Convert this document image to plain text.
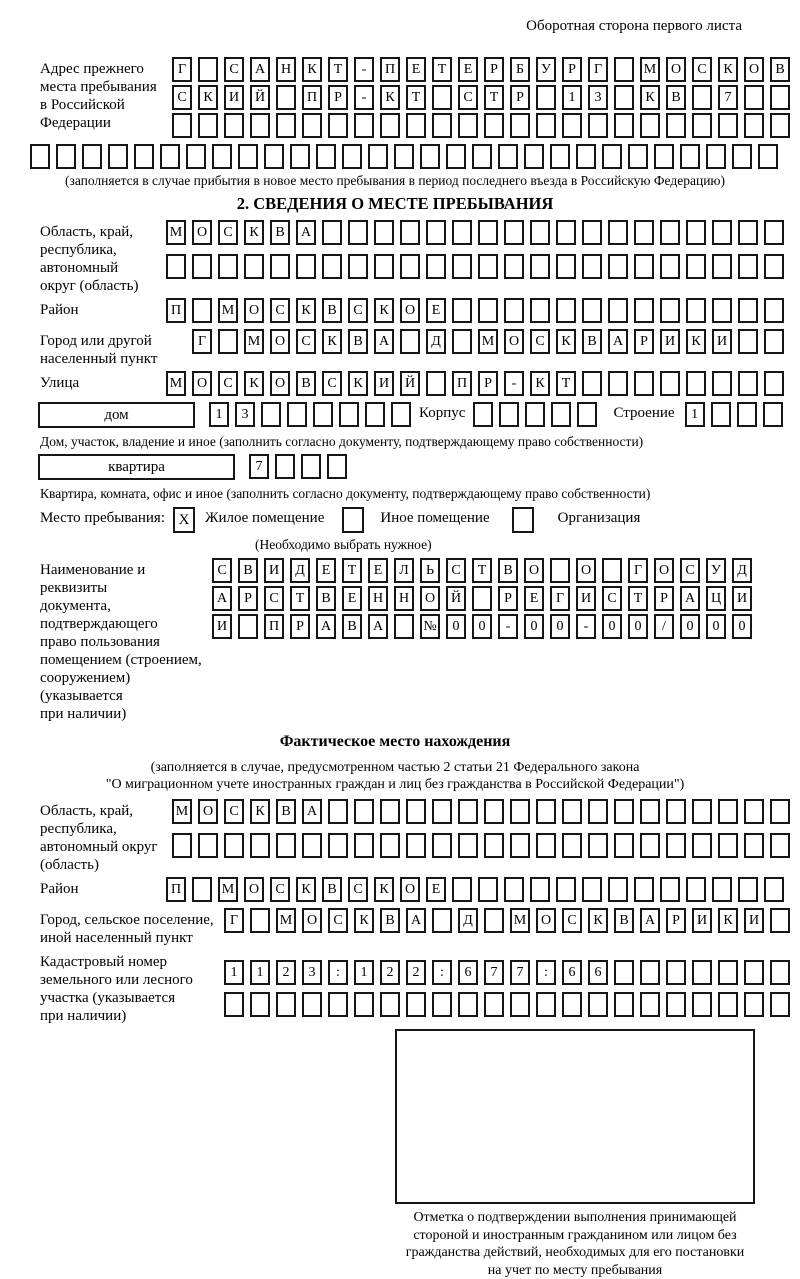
Оборотная сторона первого листа
Адрес прежнего
места пребывания
в Российской
Федерации
Г	С	А	Н	К	Т	-	П	Е	Т	Е	Р	Б	У	Р	Г	М	О	С	К	О	В
С	К	И	Й	П	Р	-	К	Т	С	Т	Р	1	3	К	В	7
(заполняется в случае прибытия в новое место пребывания в период последнего въезда в Российскую Федерацию)
2. СВЕДЕНИЯ О МЕСТЕ ПРЕБЫВАНИЯ
Область, край,
республика,
автономный
округ (область)
М	О	С	К	В	А
Район	П	М	О	С	К	В	С	К	О	Е
Город или другой
населенный пункт
Г	М	О	С	К	В	А	Д	М	О	С	К	В	А	Р	И	К	И
Улица	М	О	С	К	О	В	С	К	И	Й	П	Р	-	К	Т
дом	1	3	Корпус	Строение	1
Дом, участок, владение и иное (заполнить согласно документу, подтверждающему право собственности)
квартира	7
Квартира, комната, офис и иное (заполнить согласно документу, подтверждающему право собственности)
Место пребывания: X	Жилое помещение	Иное помещение	Организация
(Необходимо выбрать нужное)
Наименование и реквизиты
документа, подтверждающего
право пользования
помещением (строением,
сооружением) (указывается
при наличии)
С	В	И	Д	Е	Т	Е	Л	Ь	С	Т	В	О	О	Г	О	С	У	Д
А	Р	С	Т	В	Е	Н	Н	О	Й	Р	Е	Г	И	С	Т	Р	А	Ц	И
И	П	Р	А	В	А	№	0	0	-	0	0	-	0	0	/	0	0	0
Фактическое место нахождения
(заполняется в случае, предусмотренном частью 2 статьи 21 Федерального закона
"О миграционном учете иностранных граждан и лиц без гражданства в Российской Федерации")
Область, край,
республика,
автономный округ
(область)
М	О	С	К	В	А
Район	П	М	О	С	К	В	С	К	О	Е
Город, сельское поселение,
иной населенный пункт
Г	М	О	С	К	В	А	Д	М	О	С	К	В	А	Р	И	К	И
Кадастровый номер
земельного или лесного
участка (указывается
при наличии)
1	1	2	3	:	1	2	2	:	6	7	7	:	6	6
Отметка о подтверждении выполнения принимающей
стороной и иностранным гражданином или лицом без
гражданства действий, необходимых для его постановки
на учет по месту пребывания
